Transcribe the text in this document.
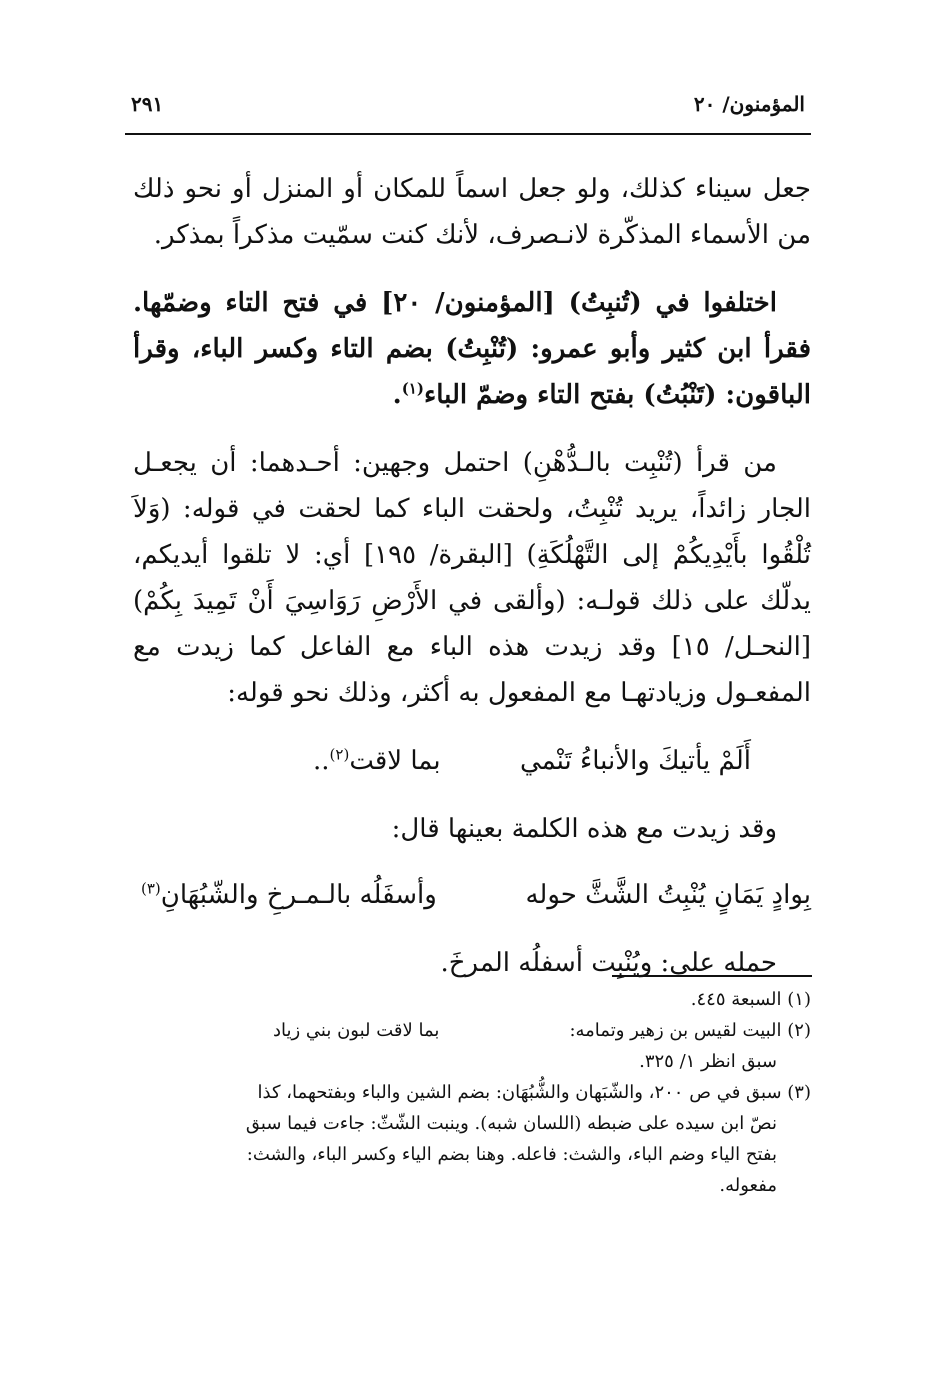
المؤمنون/ ٢٠
٢٩١

جعل سيناء كذلك، ولو جعل اسماً للمكان أو المنزل أو نحو ذلك من الأسماء المذكّرة لانـصرف، لأنك كنت سمّيت مذكراً بمذكر.

اختلفوا في (تُنبِتُ) [المؤمنون/ ٢٠] في فتح التاء وضمّها. فقرأ ابن كثير وأبو عمرو: (تُنْبِتُ) بضم التاء وكسر الباء، وقرأ الباقون: (تَنْبُتُ) بفتح التاء وضمّ الباء$^{(١)}$.

من قرأ (تُنْبِت بالـدُّهْنِ) احتمل وجهين: أحـدهما: أن يجعـل الجار زائداً، يريد تُنْبِتُ، ولحقت الباء كما لحقت في قوله: (وَلاَ تُلْقُوا بأَيْدِيكُمْ إلى التَّهْلُكَةِ) [البقرة/ ١٩٥] أي: لا تلقوا أيديكم، يدلّك على ذلك قولـه: (وألقى في الأَرْضِ رَوَاسِيَ أَنْ تَمِيدَ بِكُمْ) [النحـل/ ١٥] وقد زيدت هذه الباء مع الفاعل كما زيدت مع المفعـول وزيادتهـا مع المفعول به أكثر، وذلك نحو قوله:

أَلَمْ يأتيكَ والأنباءُ تَنْمي
بما لاقت$^{(٢)}$..

وقد زيدت مع هذه الكلمة بعينها قال:

بِوادٍ يَمَانٍ يُنْبِتُ الشَّثَّ حوله
وأسفَلُه بالـمـرخِ والشّبُهَانِ$^{(٣)}$

حمله على: ويُنْبِت أسفلُه المرخَ.

(١) السبعة ٤٤٥.

(٢) البيت لقيس بن زهير وتمامه:
بما لاقت لبون بني زياد

سبق انظر ١/ ٣٢٥.

(٣) سبق في ص ٢٠٠، والشّبَهان والشُّبُهَان: بضم الشين والباء وبفتحهما، كذا

نصّ ابن سيده على ضبطه (اللسان شبه). وينبت الشّثّ: جاءت فيما سبق

بفتح الياء وضم الباء، والشث: فاعله. وهنا بضم الياء وكسر الباء، والشث:

مفعوله.
